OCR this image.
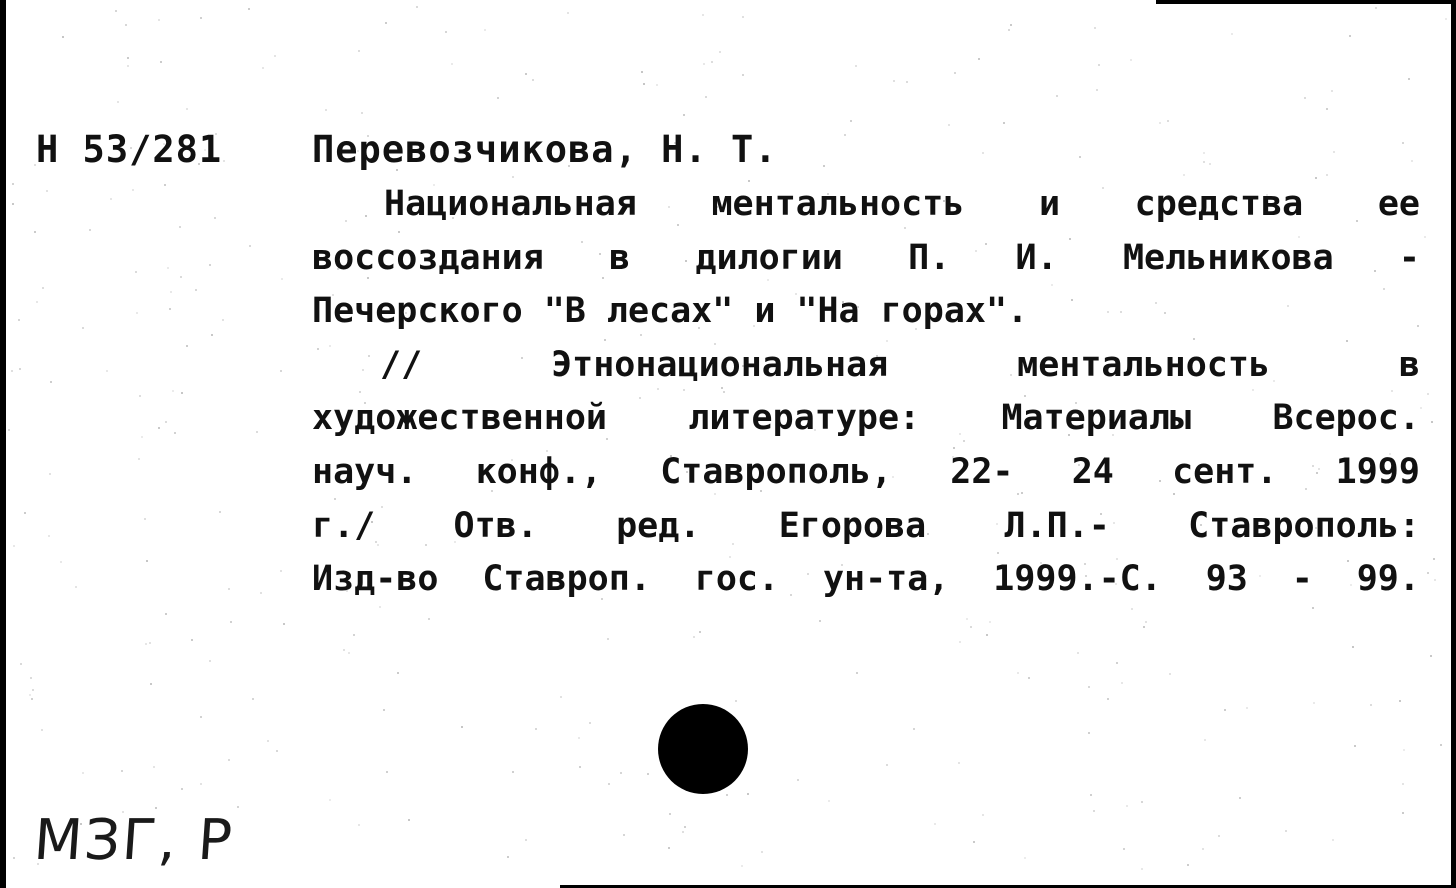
Н 53/281 Перевозчикова, Н. Т.

Национальная ментальность и средства ее
воссоздания в дилогии П. И. Мельникова -
Печерского "В лесах" и "На горах".
//	Этнонациональная	ментальность	в
художественной литературе: Материалы Всерос.
науч. конф., Ставрополь, 22- 24 сент. 1999
г./ Отв. ред. Егорова Л.П.- Ставрополь:
Изд-во Ставроп. гос. ун-та, 1999.-С. 93 - 99.
МЗГ, Р
